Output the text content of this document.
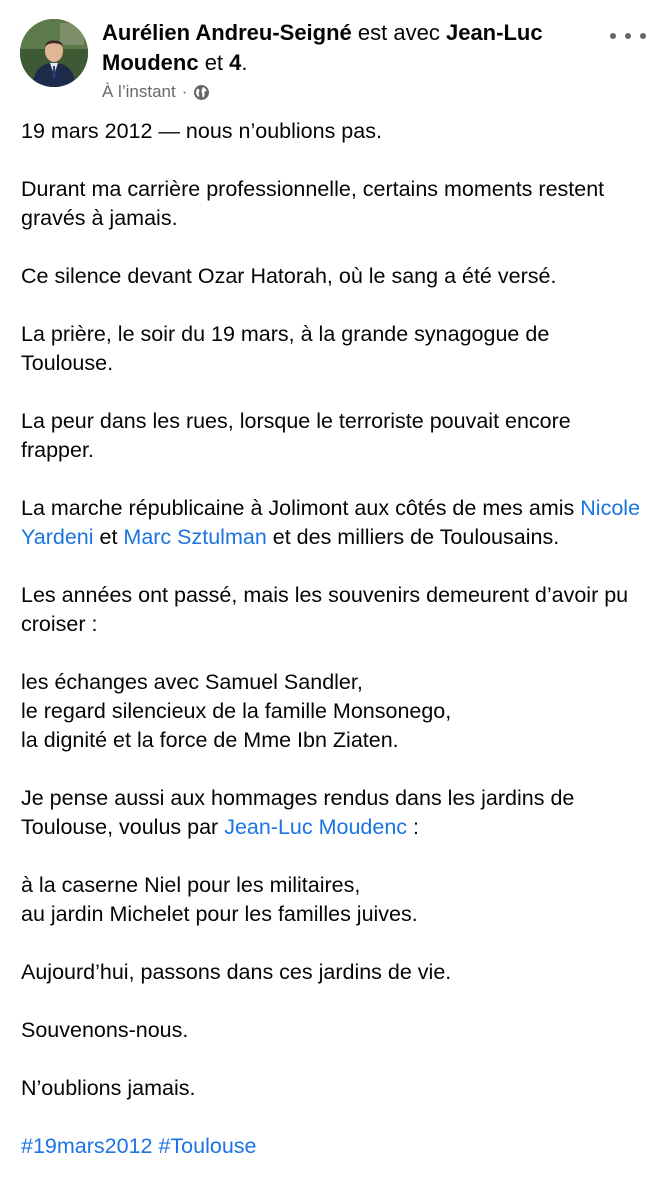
Aurélien Andreu-Seigné est avec Jean-Luc Moudenc et 4.
À l’instant ·

19 mars 2012 — nous n’oublions pas.

Durant ma carrière professionnelle, certains moments restent gravés à jamais.

Ce silence devant Ozar Hatorah, où le sang a été versé.

La prière, le soir du 19 mars, à la grande synagogue de Toulouse.

La peur dans les rues, lorsque le terroriste pouvait encore frapper.

La marche républicaine à Jolimont aux côtés de mes amis Nicole Yardeni et Marc Sztulman et des milliers de Toulousains.

Les années ont passé, mais les souvenirs demeurent d’avoir pu croiser :

les échanges avec Samuel Sandler,
le regard silencieux de la famille Monsonego,
la dignité et la force de Mme Ibn Ziaten.

Je pense aussi aux hommages rendus dans les jardins de Toulouse, voulus par Jean-Luc Moudenc :

à la caserne Niel pour les militaires,
au jardin Michelet pour les familles juives.

Aujourd’hui, passons dans ces jardins de vie.

Souvenons-nous.

N’oublions jamais.

#19mars2012 #Toulouse
